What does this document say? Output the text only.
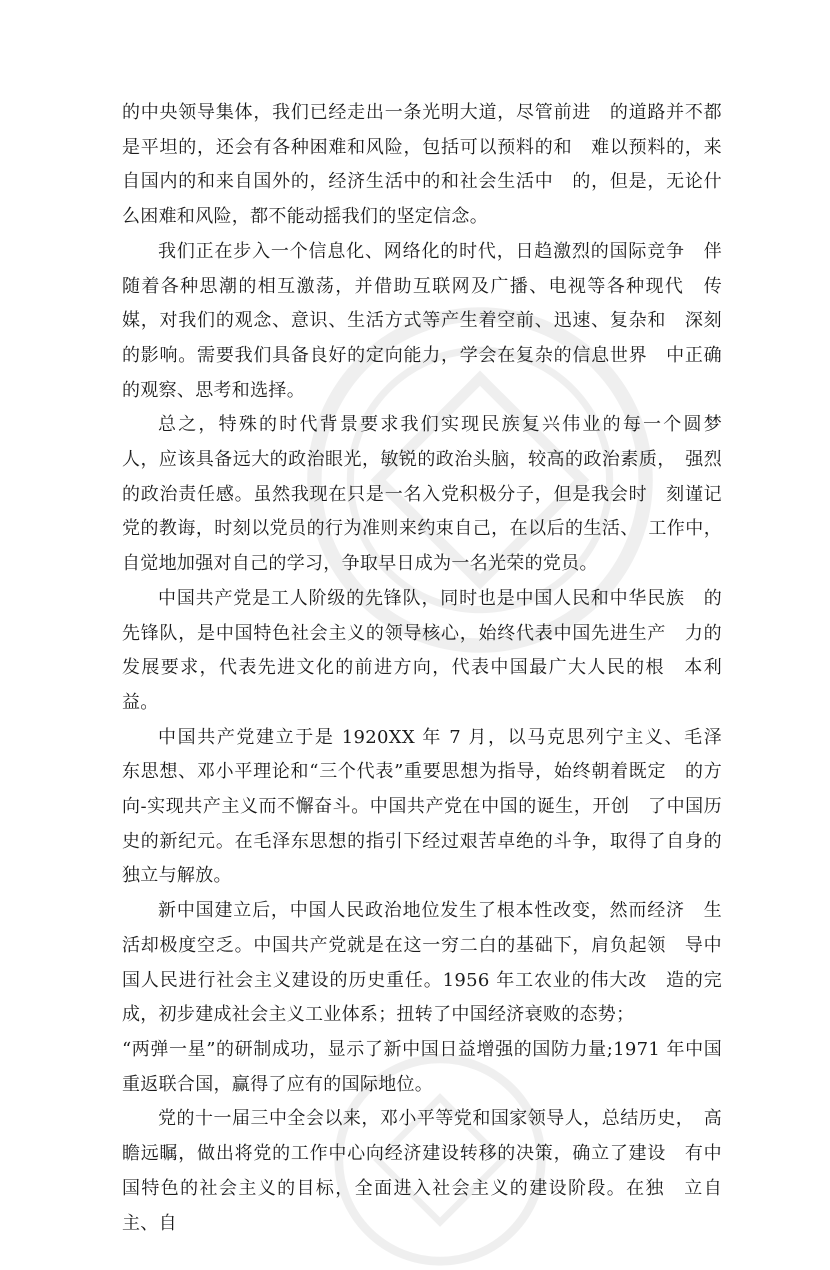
的中央领导集体，我们已经走出一条光明大道，尽管前进　的道路并不都是平坦的，还会有各种困难和风险，包括可以预料的和　难以预料的，来自国内的和来自国外的，经济生活中的和社会生活中　的，但是，无论什么困难和风险，都不能动摇我们的坚定信念。

我们正在步入一个信息化、网络化的时代，日趋激烈的国际竞争　伴随着各种思潮的相互激荡，并借助互联网及广播、电视等各种现代　传媒，对我们的观念、意识、生活方式等产生着空前、迅速、复杂和　深刻的影响。需要我们具备良好的定向能力，学会在复杂的信息世界　中正确的观察、思考和选择。

总之，特殊的时代背景要求我们实现民族复兴伟业的每一个圆梦　人，应该具备远大的政治眼光，敏锐的政治头脑，较高的政治素质，　强烈的政治责任感。虽然我现在只是一名入党积极分子，但是我会时　刻谨记党的教诲，时刻以党员的行为准则来约束自己，在以后的生活、　工作中，自觉地加强对自己的学习，争取早日成为一名光荣的党员。

中国共产党是工人阶级的先锋队，同时也是中国人民和中华民族　的先锋队，是中国特色社会主义的领导核心，始终代表中国先进生产　力的发展要求，代表先进文化的前进方向，代表中国最广大人民的根　本利益。

中国共产党建立于是 1920XX 年 7 月，以马克思列宁主义、毛泽　东思想、邓小平理论和“三个代表”重要思想为指导，始终朝着既定　的方向-实现共产主义而不懈奋斗。中国共产党在中国的诞生，开创　了中国历史的新纪元。在毛泽东思想的指引下经过艰苦卓绝的斗争，取得了自身的独立与解放。

新中国建立后，中国人民政治地位发生了根本性改变，然而经济　生活却极度空乏。中国共产党就是在这一穷二白的基础下，肩负起领　导中国人民进行社会主义建设的历史重任。1956 年工农业的伟大改　造的完成，初步建成社会主义工业体系；扭转了中国经济衰败的态势；

“两弹一星”的研制成功，显示了新中国日益增强的国防力量;1971 年中国重返联合国，赢得了应有的国际地位。

党的十一届三中全会以来，邓小平等党和国家领导人，总结历史，　高瞻远瞩，做出将党的工作中心向经济建设转移的决策，确立了建设　有中国特色的社会主义的目标，全面进入社会主义的建设阶段。在独　立自主、自
